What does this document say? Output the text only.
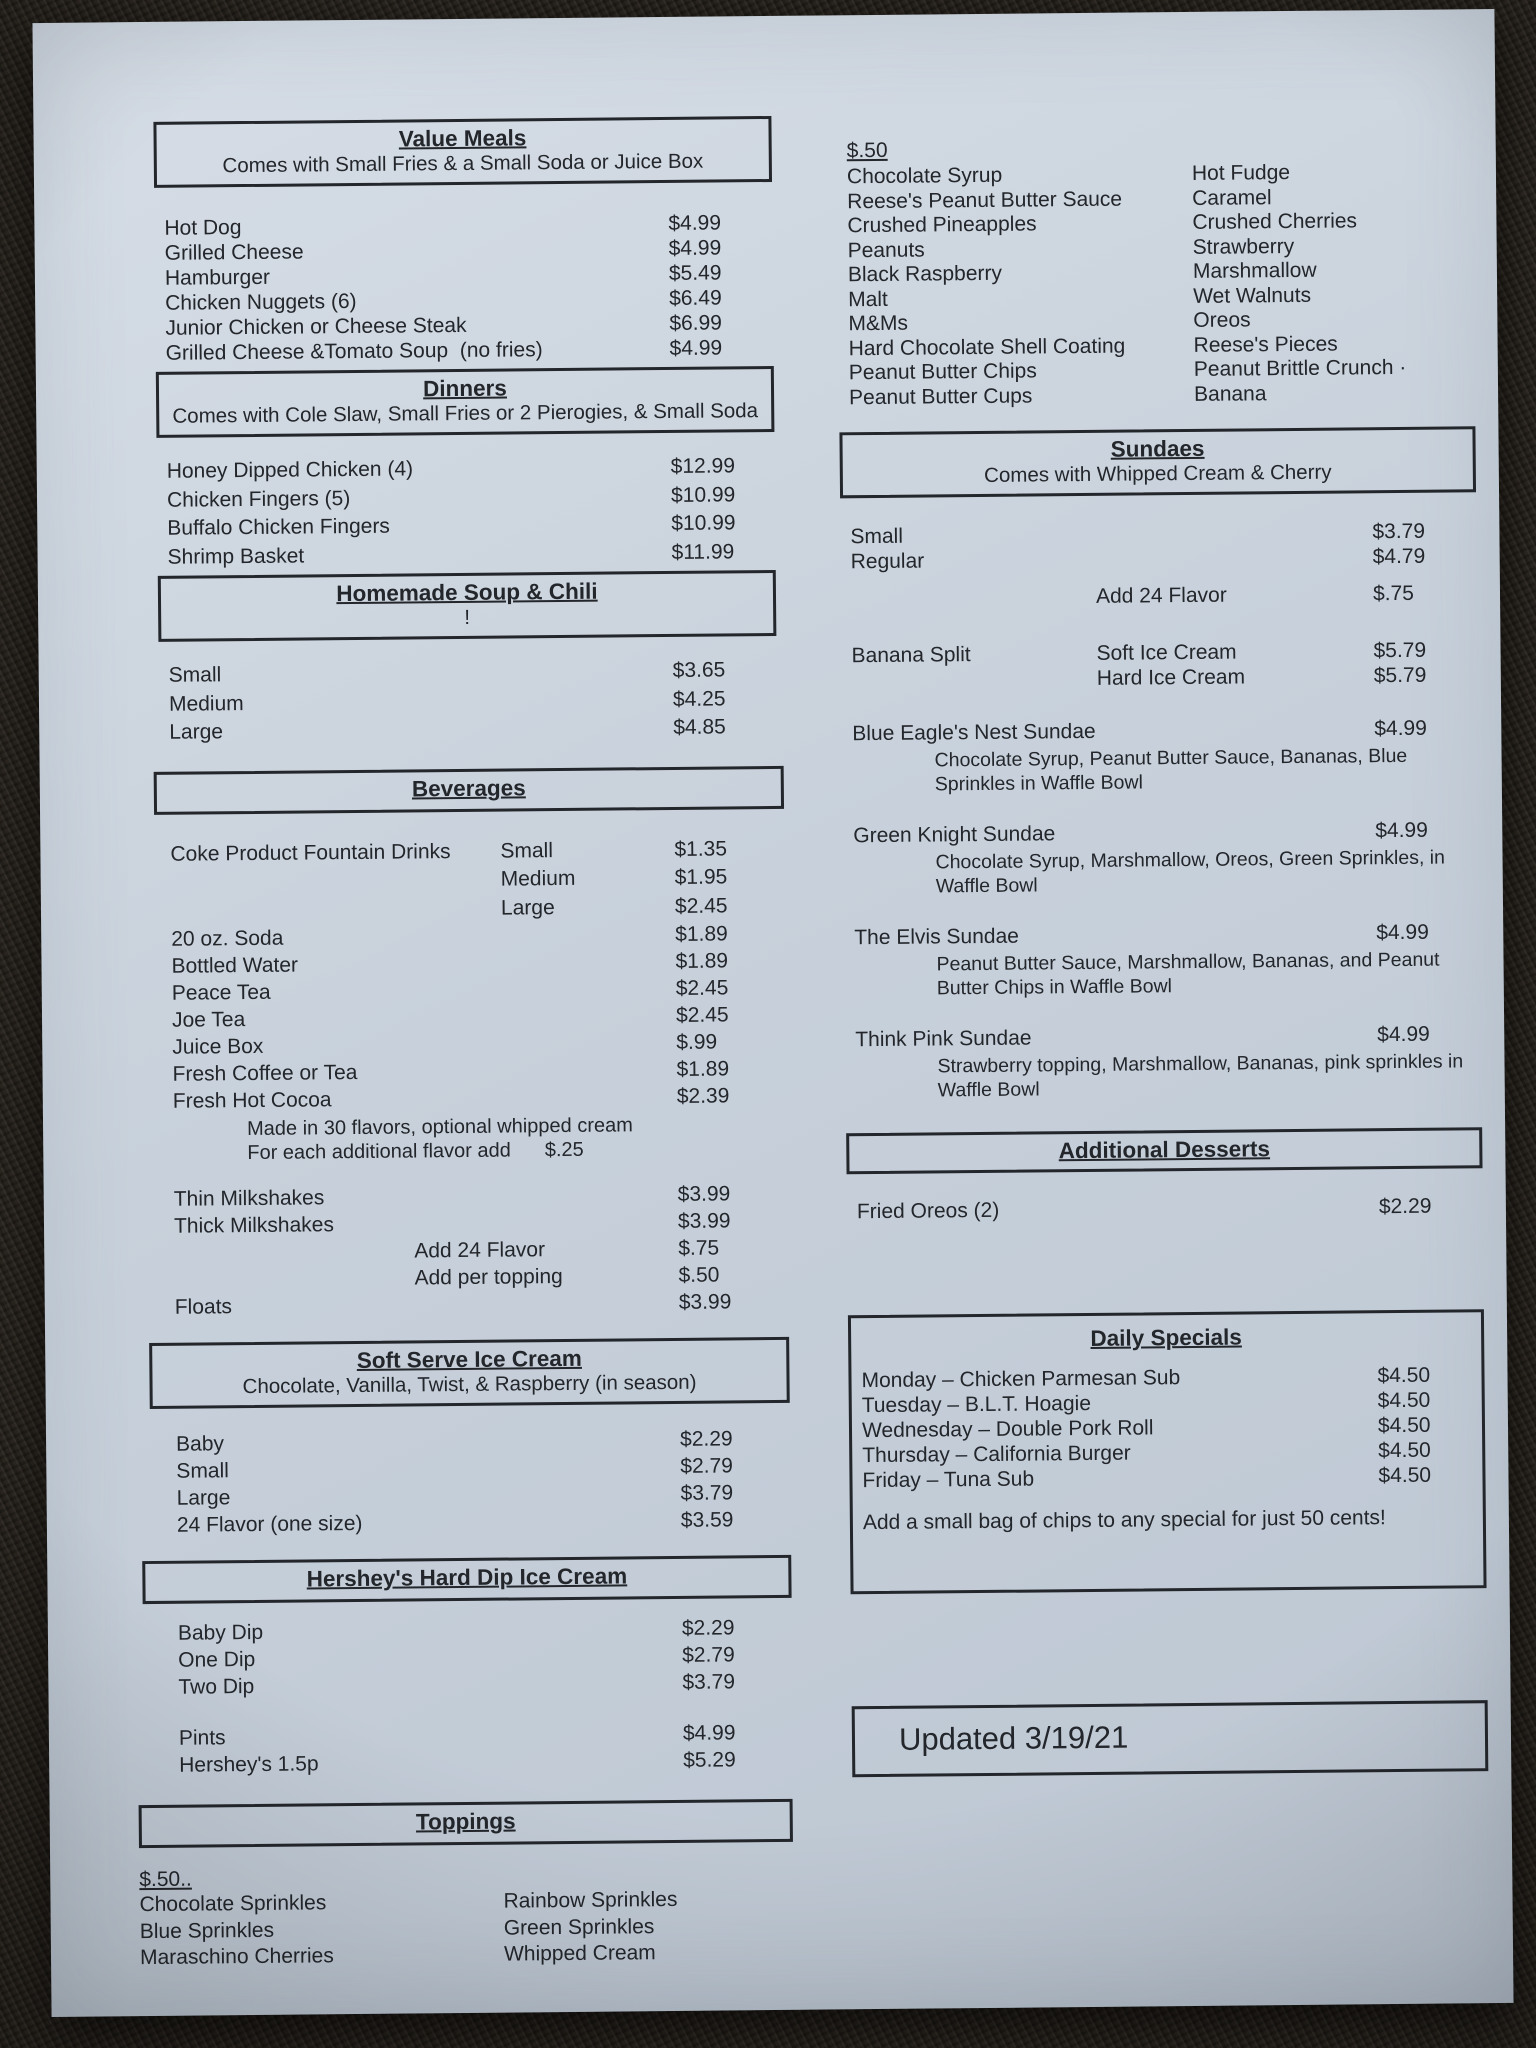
Value Meals
Comes with Small Fries & a Small Soda or Juice Box
Hot Dog	$4.99
Grilled Cheese	$4.99
Hamburger	$5.49
Chicken Nuggets (6)	$6.49
Junior Chicken or Cheese Steak	$6.99
Grilled Cheese &Tomato Soup  (no fries)	$4.99
Dinners
Comes with Cole Slaw, Small Fries or 2 Pierogies, & Small Soda
Honey Dipped Chicken (4)	$12.99
Chicken Fingers (5)	$10.99
Buffalo Chicken Fingers	$10.99
Shrimp Basket	$11.99
Homemade Soup & Chili
!
Small	$3.65
Medium	$4.25
Large	$4.85
Beverages
Coke Product Fountain Drinks	Small	$1.35
Medium	$1.95
Large	$2.45
20 oz. Soda	$1.89
Bottled Water	$1.89
Peace Tea	$2.45
Joe Tea	$2.45
Juice Box	$.99
Fresh Coffee or Tea	$1.89
Fresh Hot Cocoa	$2.39
Made in 30 flavors, optional whipped cream
For each additional flavor add $.25
Thin Milkshakes	$3.99
Thick Milkshakes	$3.99
Add 24 Flavor	$.75
Add per topping	$.50
Floats	$3.99
Soft Serve Ice Cream
Chocolate, Vanilla, Twist, & Raspberry (in season)
Baby	$2.29
Small	$2.79
Large	$3.79
24 Flavor (one size)	$3.59
Hershey's Hard Dip Ice Cream
Baby Dip	$2.29
One Dip	$2.79
Two Dip	$3.79
Pints	$4.99
Hershey's 1.5p	$5.29
Toppings
$.50..
Chocolate Sprinkles	Rainbow Sprinkles
Blue Sprinkles	Green Sprinkles
Maraschino Cherries	Whipped Cream
$.50
Chocolate Syrup	Hot Fudge
Reese's Peanut Butter Sauce	Caramel
Crushed Pineapples	Crushed Cherries
Peanuts	Strawberry
Black Raspberry	Marshmallow
Malt	Wet Walnuts
M&Ms	Oreos
Hard Chocolate Shell Coating	Reese's Pieces
Peanut Butter Chips	Peanut Brittle Crunch ·
Peanut Butter Cups	Banana
Sundaes
Comes with Whipped Cream & Cherry
Small	$3.79
Regular	$4.79
Add 24 Flavor	$.75
Banana Split	Soft Ice Cream	$5.79
Hard Ice Cream	$5.79
Blue Eagle's Nest Sundae	$4.99
Chocolate Syrup, Peanut Butter Sauce, Bananas, Blue Sprinkles in Waffle Bowl
Green Knight Sundae	$4.99
Chocolate Syrup, Marshmallow, Oreos, Green Sprinkles, in Waffle Bowl
The Elvis Sundae	$4.99
Peanut Butter Sauce, Marshmallow, Bananas, and Peanut Butter Chips in Waffle Bowl
Think Pink Sundae	$4.99
Strawberry topping, Marshmallow, Bananas, pink sprinkles in Waffle Bowl
Additional Desserts
Fried Oreos (2)	$2.29
Daily Specials
Monday – Chicken Parmesan Sub	$4.50
Tuesday – B.L.T. Hoagie	$4.50
Wednesday – Double Pork Roll	$4.50
Thursday – California Burger	$4.50
Friday – Tuna Sub	$4.50
Add a small bag of chips to any special for just 50 cents!
Updated 3/19/21
